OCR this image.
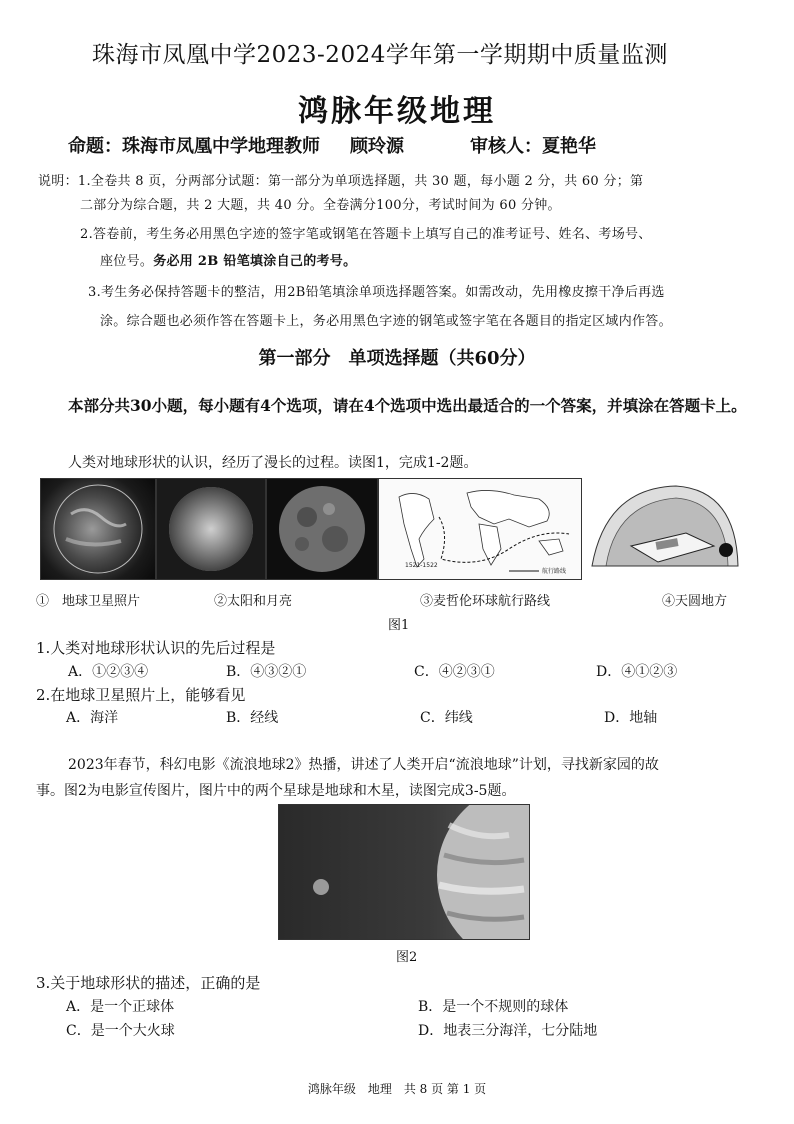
珠海市凤凰中学2023-2024学年第一学期期中质量监测
鸿脉年级地理
命题：珠海市凤凰中学地理教师 顾玲源	审核人：夏艳华
说明：1.全卷共 8 页，分两部分试题：第一部分为单项选择题，共 30 题，每小题 2 分，共 60 分；第
二部分为综合题，共 2 大题，共 40 分。全卷满分100分，考试时间为 60 分钟。
2.答卷前，考生务必用黑色字迹的签字笔或钢笔在答题卡上填写自己的准考证号、姓名、考场号、
座位号。务必用 2B 铅笔填涂自己的考号。
3.考生务必保持答题卡的整洁，用2B铅笔填涂单项选择题答案。如需改动，先用橡皮擦干净后再选
涂。综合题也必须作答在答题卡上，务必用黑色字迹的钢笔或签字笔在各题目的指定区域内作答。
第一部分　单项选择题（共60分）
本部分共30小题，每小题有4个选项，请在4个选项中选出最适合的一个答案，并填涂在答题卡上。
人类对地球形状的认识，经历了漫长的过程。读图1，完成1-2题。
1521-1522
航行路线
①　地球卫星照片	②太阳和月亮	③麦哲伦环球航行路线	④天圆地方
图1
1.人类对地球形状认识的先后过程是
A．①②③④	B．④③②①	C．④②③①	D．④①②③
2.在地球卫星照片上，能够看见
A．海洋	B．经线	C．纬线	D．地轴
2023年春节，科幻电影《流浪地球2》热播，讲述了人类开启“流浪地球”计划，寻找新家园的故
事。图2为电影宣传图片，图片中的两个星球是地球和木星，读图完成3-5题。
图2
3.关于地球形状的描述，正确的是
A．是一个正球体	B．是一个不规则的球体
C．是一个大火球	D．地表三分海洋，七分陆地
鸿脉年级　地理　共 8 页 第 1 页
